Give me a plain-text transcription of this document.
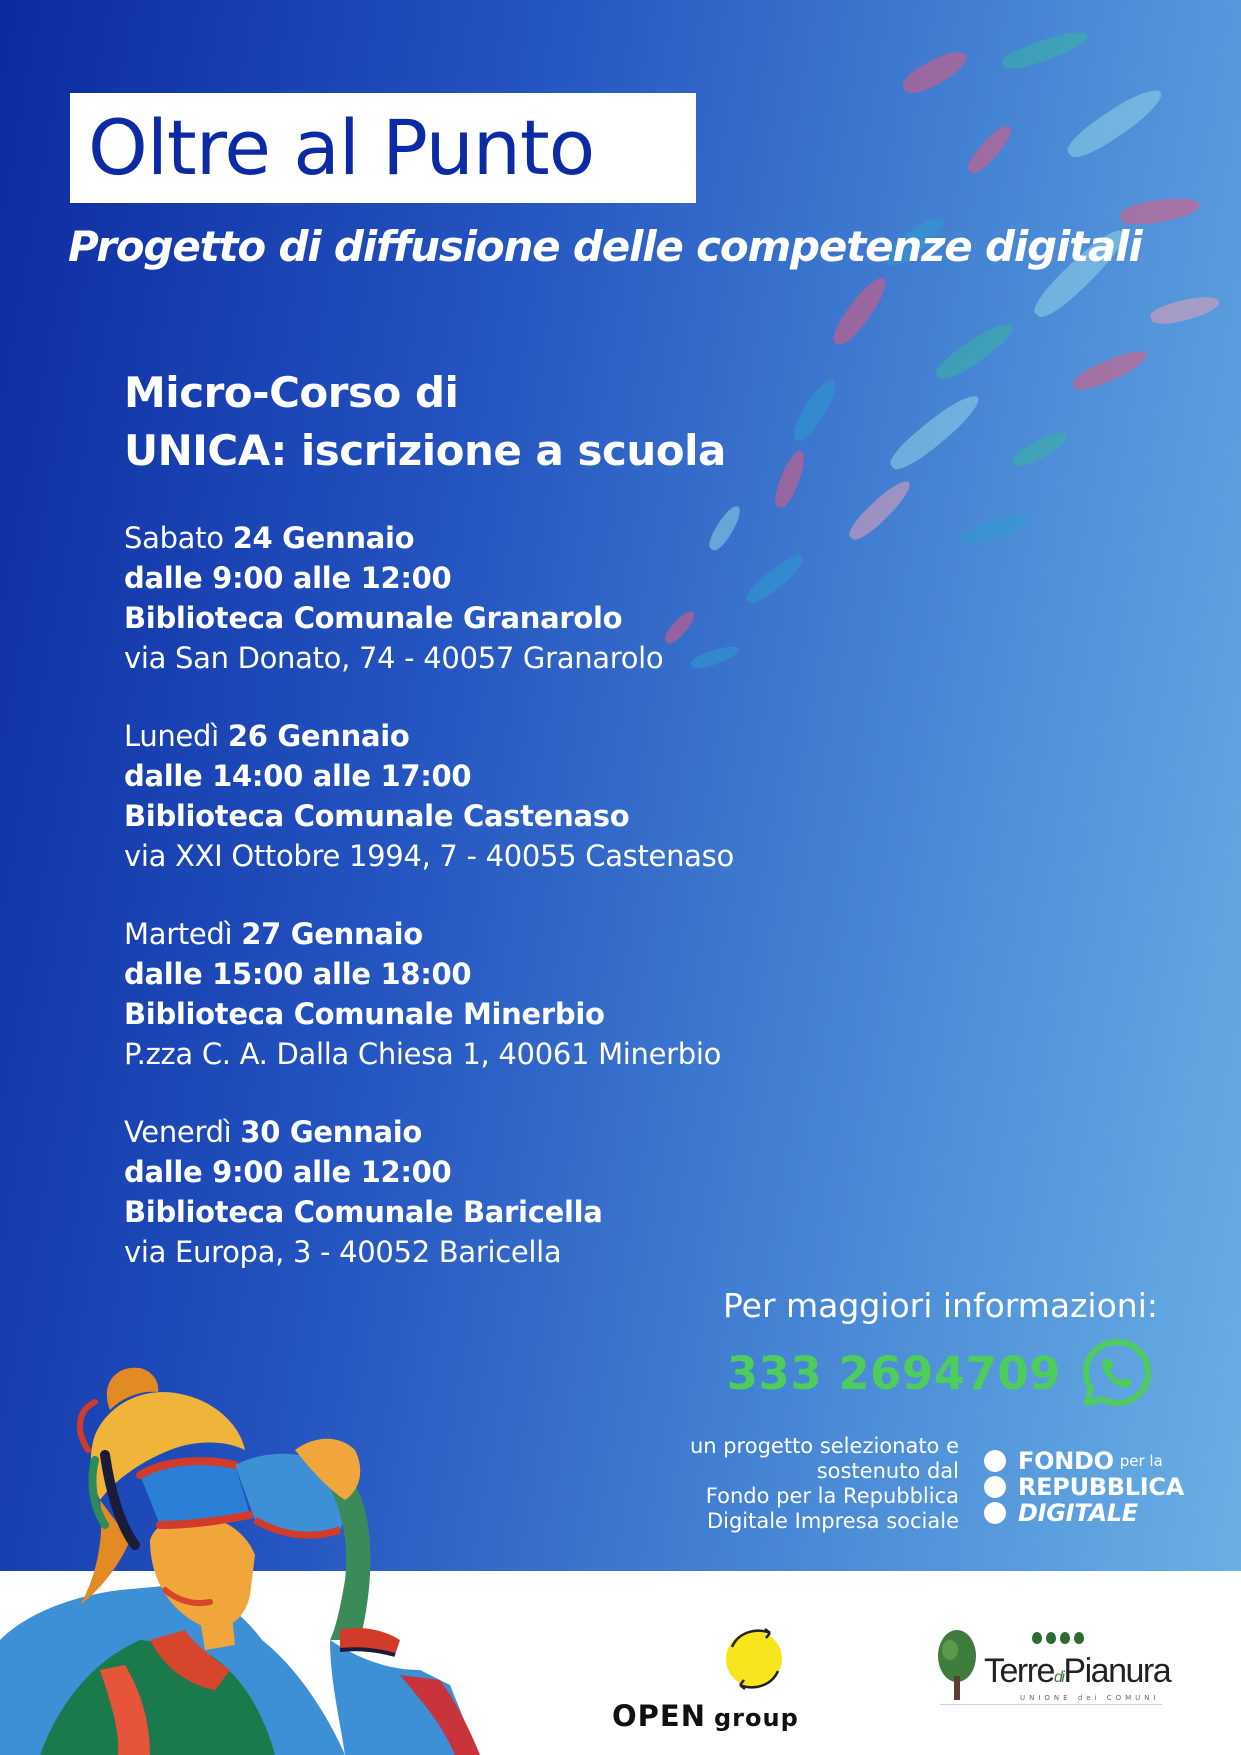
Oltre al Punto
Progetto di diffusione delle competenze digitali
Micro-Corso di
UNICA: iscrizione a scuola
Sabato 24 Gennaio
dalle 9:00 alle 12:00
Biblioteca Comunale Granarolo
via San Donato, 74 - 40057 Granarolo
Lunedì 26 Gennaio
dalle 14:00 alle 17:00
Biblioteca Comunale Castenaso
via XXI Ottobre 1994, 7 - 40055 Castenaso
Martedì 27 Gennaio
dalle 15:00 alle 18:00
Biblioteca Comunale Minerbio
P.zza C. A. Dalla Chiesa 1, 40061 Minerbio
Venerdì 30 Gennaio
dalle 9:00 alle 12:00
Biblioteca Comunale Baricella
via Europa, 3 - 40052 Baricella
Per maggiori informazioni:
333 2694709
un progetto selezionato e
sostenuto dal
Fondo per la Repubblica
Digitale Impresa sociale
FONDO per la
REPUBBLICA
DIGITALE
OPEN group
TerrediPianura
UNIONE dei COMUNI
